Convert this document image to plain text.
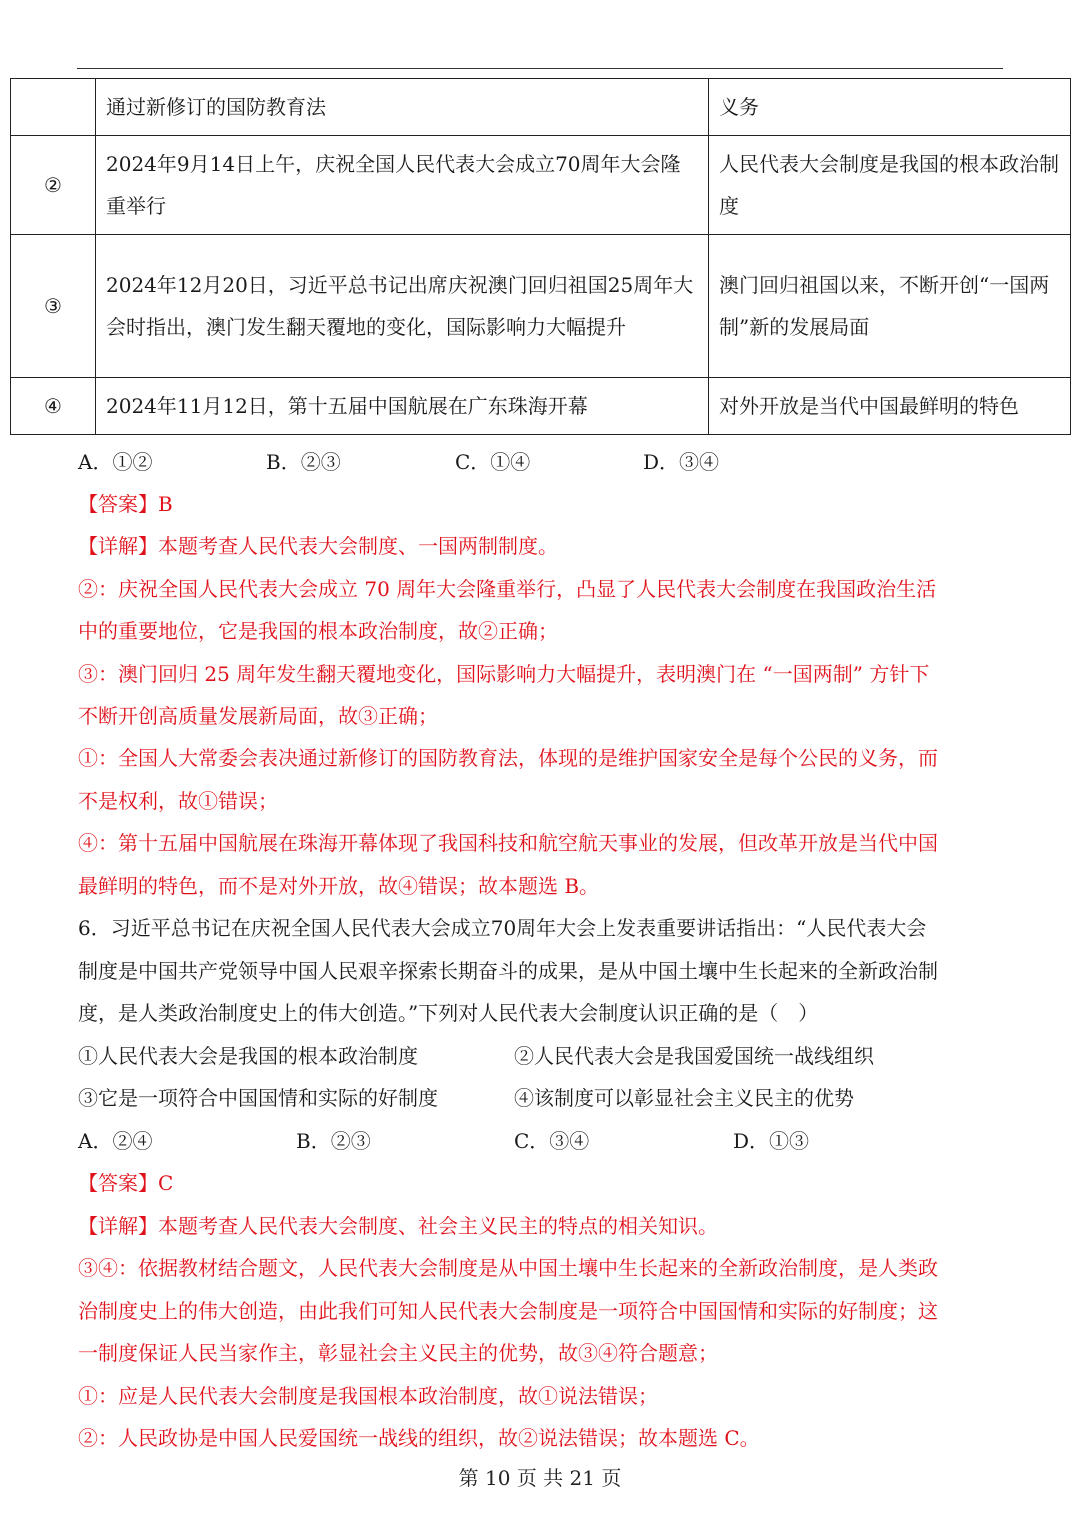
	通过新修订的国防教育法	义务
②	2024年9月14日上午，庆祝全国人民代表大会成立70周年大会隆重举行	人民代表大会制度是我国的根本政治制度
③	2024年12月20日，习近平总书记出席庆祝澳门回归祖国25周年大会时指出，澳门发生翻天覆地的变化，国际影响力大幅提升	澳门回归祖国以来，不断开创“一国两制”新的发展局面
④	2024年11月12日，第十五届中国航展在广东珠海开幕	对外开放是当代中国最鲜明的特色
A．①②	B．②③	C．①④	D．③④
【答案】B
【详解】本题考查人民代表大会制度、一国两制制度。
②：庆祝全国人民代表大会成立 70 周年大会隆重举行，凸显了人民代表大会制度在我国政治生活
中的重要地位，它是我国的根本政治制度，故②正确；
③：澳门回归 25 周年发生翻天覆地变化，国际影响力大幅提升，表明澳门在 “一国两制” 方针下
不断开创高质量发展新局面，故③正确；
①：全国人大常委会表决通过新修订的国防教育法，体现的是维护国家安全是每个公民的义务，而
不是权利，故①错误；
④：第十五届中国航展在珠海开幕体现了我国科技和航空航天事业的发展，但改革开放是当代中国
最鲜明的特色，而不是对外开放，故④错误；故本题选 B。
6．习近平总书记在庆祝全国人民代表大会成立70周年大会上发表重要讲话指出：“人民代表大会
制度是中国共产党领导中国人民艰辛探索长期奋斗的成果，是从中国土壤中生长起来的全新政治制
度，是人类政治制度史上的伟大创造。”下列对人民代表大会制度认识正确的是（　）
①人民代表大会是我国的根本政治制度	②人民代表大会是我国爱国统一战线组织
③它是一项符合中国国情和实际的好制度	④该制度可以彰显社会主义民主的优势
A．②④	B．②③	C．③④	D．①③
【答案】C
【详解】本题考查人民代表大会制度、社会主义民主的特点的相关知识。
③④：依据教材结合题文，人民代表大会制度是从中国土壤中生长起来的全新政治制度，是人类政
治制度史上的伟大创造，由此我们可知人民代表大会制度是一项符合中国国情和实际的好制度；这
一制度保证人民当家作主，彰显社会主义民主的优势，故③④符合题意；
①：应是人民代表大会制度是我国根本政治制度，故①说法错误；
②：人民政协是中国人民爱国统一战线的组织，故②说法错误；故本题选 C。
第 10 页 共 21 页
